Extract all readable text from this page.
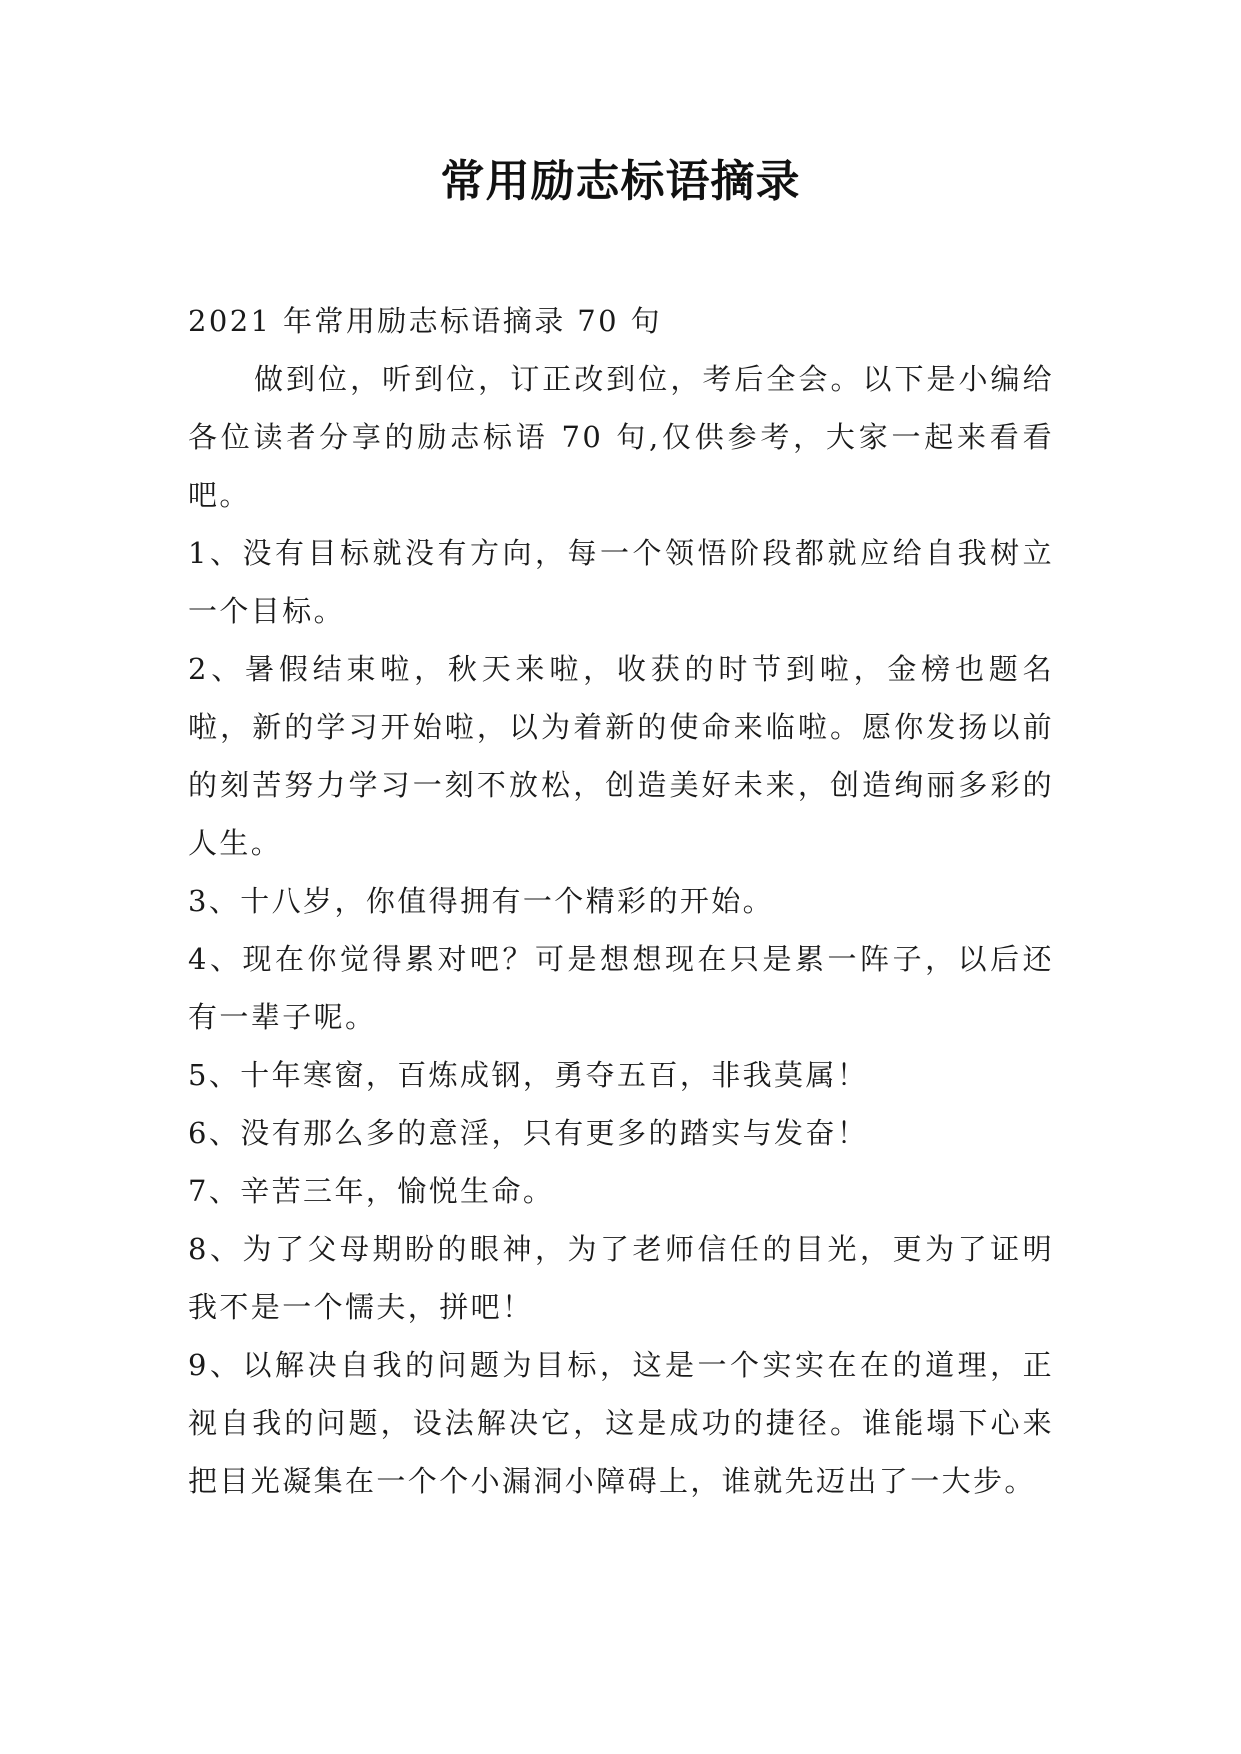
常用励志标语摘录

2021 年常用励志标语摘录 70 句

做到位，听到位，订正改到位，考后全会。以下是小编给各位读者分享的励志标语 70 句,仅供参考，大家一起来看看吧。

1、没有目标就没有方向，每一个领悟阶段都就应给自我树立一个目标。

2、暑假结束啦，秋天来啦，收获的时节到啦，金榜也题名啦，新的学习开始啦，以为着新的使命来临啦。愿你发扬以前的刻苦努力学习一刻不放松，创造美好未来，创造绚丽多彩的人生。

3、十八岁，你值得拥有一个精彩的开始。

4、现在你觉得累对吧？可是想想现在只是累一阵子，以后还有一辈子呢。

5、十年寒窗，百炼成钢，勇夺五百，非我莫属！

6、没有那么多的意淫，只有更多的踏实与发奋！

7、辛苦三年，愉悦生命。

8、为了父母期盼的眼神，为了老师信任的目光，更为了证明我不是一个懦夫，拼吧！

9、以解决自我的问题为目标，这是一个实实在在的道理，正视自我的问题，设法解决它，这是成功的捷径。谁能塌下心来把目光凝集在一个个小漏洞小障碍上，谁就先迈出了一大步。
